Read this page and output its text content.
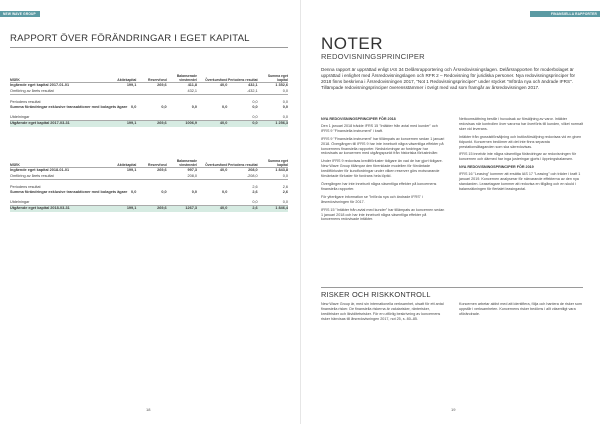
NEW WAVE GROUP
RAPPORT ÖVER FÖRÄNDRINGAR I EGET KAPITAL
MSEK	Aktiekapital	Reservfond	Balanserade vinstmedel	Överkursfond	Periodens resultat	Summa eget kapital
Ingående eget kapital 2017-01-01	199,1	269,6	411,8	40,0	432,1	1 352,6
Omföring av årets resultat			432,1		-432,1	0,0

Periodens resultat					0,0	0,0
Summa förändringar exklusive transaktioner med bolagets ägare	0,0	0,0	0,0	0,0	0,0	0,0

Utdelningar					0,0	0,0
Utgående eget kapital 2017-03-31	199,1	269,6	1006,9	40,0	0,0	1 256,3
MSEK	Aktiekapital	Reservfond	Balanserade vinstmedel	Överkursfond	Periodens resultat	Summa eget kapital
Ingående eget kapital 2018-01-01	199,1	269,6	997,3	40,0	208,0	1 843,8
Omföring av årets resultat			208,0		-208,0	0,0

Periodens resultat					2,6	2,6
Summa förändringar exklusive transaktioner med bolagets ägare	0,0	0,0	0,0	0,0	2,6	2,6

Utdelningar					0,0	0,0
Utgående eget kapital 2018-03-31	199,1	269,6	1267,3	40,0	2,6	1 846,4
18
FINANSIELLA RAPPORTER
NOTER
REDOVISNINGSPRINCIPER

Denna rapport är upprättad enligt IAS 34 Delårsrapportering och Årsredovisningslagen. Delårsrapporten för moderbolaget är upprättad i enlighet med Årsredovisningslagen och RFR 2 – Redovisning för juridiska personer. Nya redovisningsprinciper för 2018 finns beskrivna i Årsredovisningen 2017, "Not 1 Redovisningsprinciper" under stycket "Införda nya och ändrade IFRS". Tillämpade redovisningsprinciper överensstämmer i övrigt med vad som framgår av årsredovisningen 2017.

NYA REDOVISNINGSPRINCIPER FÖR 2018

Den 1 januari 2018 trädde IFRS 15 "Intäkter från avtal med kunder" och IFRS 9 "Finansiella instrument" i kraft.

IFRS 9 "Finansiella instrument" har tillämpats av koncernen sedan 1 januari 2018. Övergången till IFRS 9 har inte inneburit några väsentliga effekter på koncernens finansiella rapporter. Nedskrivningar av fordringar har redovisats av koncernen med utgångspunkt från historiska förlustnivåer.

Under IFRS 9 redovisas kreditförluster tidigare än vad de har gjort tidigare. New Wave Group tillämpar den förenklade modellen för förväntade kreditförluster för kundfordringar under vilken reserver görs motsvarande förväntade förluster för fordrans hela löptid.

Övergången har inte inneburit några väsentliga effekter på koncernens finansiella rapporter.

För ytterligare information se "Införda nya och ändrade IFRS" i årsredovisningen för 2017.

IFRS 15 "Intäkter från avtal med kunder" har tillämpats av koncernen sedan 1 januari 2018 och har inte inneburit några väsentliga effekter på koncernens redovisade intäkter.

Nettoomsättning består i huvudsak av försäljning av varor. Intäkter redovisas när kontrollen över varorna har överförts till kunden, vilket normalt sker vid leverans.

Intäkter från grossistförsäljning och butiksförsäljning redovisas vid en given tidpunkt. Koncernen bedömer att det inte finns separata prestationsåtaganden som ska särredovisas.

IFRS 15 innebär inte några väsentliga förändringar av redovisningen för koncernen och därmed har inga justeringar gjorts i öppningsbalansen.

NYA REDOVISNINGSPRINCIPER FÖR 2019

IFRS 16 "Leasing" kommer att ersätta IAS 17 "Leasing" och träder i kraft 1 januari 2019. Koncernen analyserar för närvarande effekterna av den nya standarden. Leasetagare kommer att redovisa en tillgång och en skuld i balansräkningen för flertalet leasingavtal.

RISKER OCH RISKKONTROLL

New Wave Group är, med sin internationella verksamhet, utsatt för ett antal finansiella risker. De finansiella riskerna är valutarisker, ränterisker, kreditrisker och likviditetsrisker. För en utförlig beskrivning av koncernens risker hänvisas till årsredovisningen 2017, not 25, s. 80–85.

Koncernen arbetar aktivt med att identifiera, följa och hantera de risker som uppstår i verksamheten. Koncernens risker bedöms i allt väsentligt vara oförändrade.

19
